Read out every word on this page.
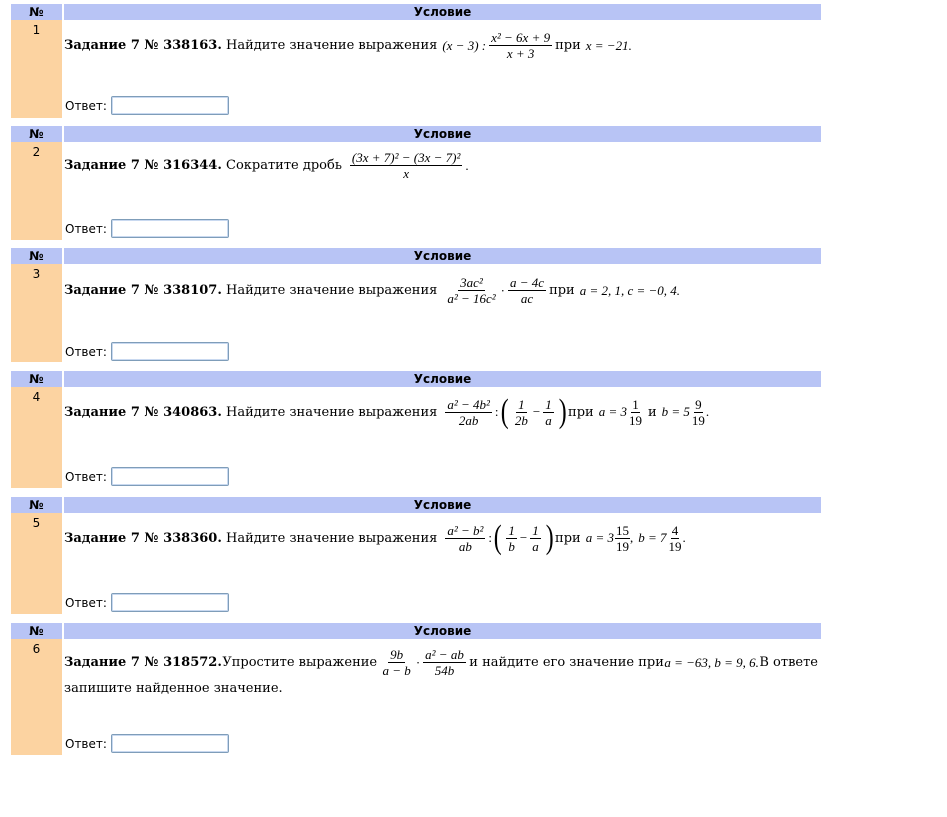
№	Условие
1
Задание 7 № 338163.
Найдите значение выражения (x − 3) : $\frac{\text{x² − 6x + 9}}{x + 3}$ при x = −21.
Ответ:
№	Условие
2
Задание 7 № 316344.
Сократите дробь $\frac{\text{(3x + 7)² − (3x − 7)²}}{x}$ .
Ответ:
№	Условие
3
Задание 7 № 338107.
Найдите значение выражения $\frac{\text{3ac²}}{\text{a² − 16c²}} \cdot \frac{a - 4c}{ac}$ при a = 2, 1, c = −0, 4.
Ответ:
№	Условие
4
Задание 7 № 340863.
Найдите значение выражения $\frac{\text{a² − 4b²}}{2ab}$ : ( $\frac{1}{2b} - \frac{1}{a}$ ) при $a = 3 \frac{1}{19}$ и $b = 5 \frac{9}{19}$ .
Ответ:
№	Условие
5
Задание 7 № 338360.
Найдите значение выражения $\frac{\text{a² − b²}}{ab}$ : ( $\frac{1}{b} - \frac{1}{a}$ ) при $a = 3 \frac{15}{19}$ , $b = 7 \frac{4}{19}$ .
Ответ:
№	Условие
6
Задание 7 № 318572. Упростите выражение $\frac{9b}{a - b} \cdot \frac{\text{a² − ab}}{54b}$ и найдите его значение при a = −63, b = 9, 6. В ответе
запишите найденное значение.
Ответ:
